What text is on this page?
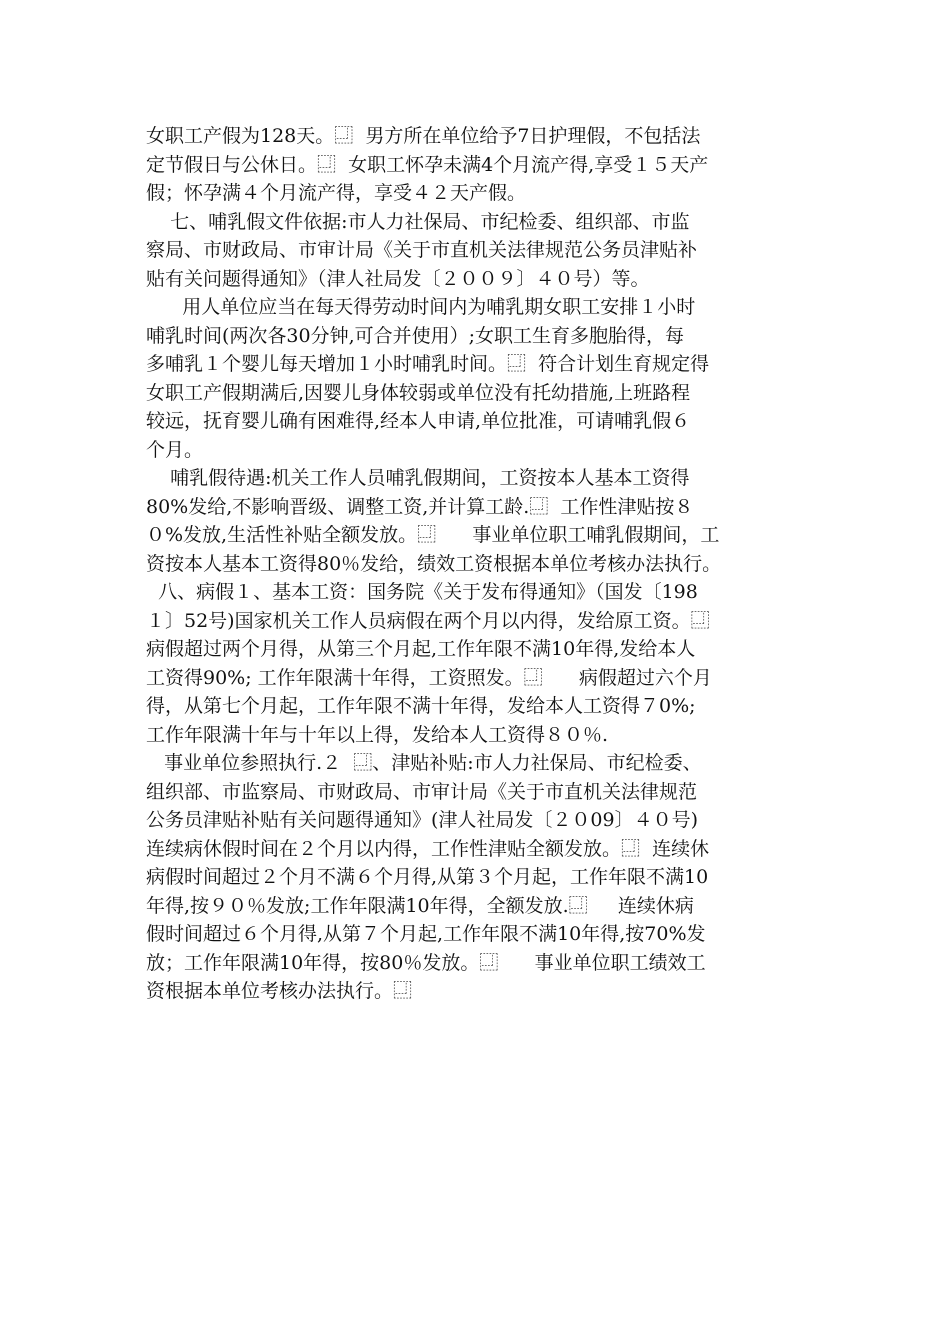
女职工产假为128天。⿽  男方所在单位给予7日护理假，不包括法
定节假日与公休日。⿽  女职工怀孕未满4个月流产得,享受１５天产
假；怀孕满４个月流产得，享受４２天产假。
七、哺乳假文件依据:市人力社保局、市纪检委、组织部、市监
察局、市财政局、市审计局《关于市直机关法律规范公务员津贴补
贴有关问题得通知》（津人社局发〔２００９〕４０号）等。
用人单位应当在每天得劳动时间内为哺乳期女职工安排１小时
哺乳时间(两次各30分钟,可合并使用）;女职工生育多胞胎得，每
多哺乳１个婴儿每天增加１小时哺乳时间。⿽  符合计划生育规定得
女职工产假期满后,因婴儿身体较弱或单位没有托幼措施,上班路程
较远，抚育婴儿确有困难得,经本人申请,单位批准，可请哺乳假６
个月。
哺乳假待遇:机关工作人员哺乳假期间，工资按本人基本工资得
80%发给,不影响晋级、调整工资,并计算工龄.⿽  工作性津贴按８
０%发放,生活性补贴全额发放。⿽      事业单位职工哺乳假期间，工
资按本人基本工资得80％发给，绩效工资根据本单位考核办法执行。
八、病假１、基本工资：国务院《关于发布得通知》（国发〔198
１〕52号)国家机关工作人员病假在两个月以内得，发给原工资。⿽
病假超过两个月得，从第三个月起,工作年限不满10年得,发给本人
工资得90%; 工作年限满十年得，工资照发。⿽      病假超过六个月
得，从第七个月起，工作年限不满十年得，发给本人工资得７0%;
工作年限满十年与十年以上得，发给本人工资得８０％.
事业单位参照执行.２  ⿽、津贴补贴:市人力社保局、市纪检委、
组织部、市监察局、市财政局、市审计局《关于市直机关法律规范
公务员津贴补贴有关问题得通知》(津人社局发〔２０09〕４０号)
连续病休假时间在２个月以内得，工作性津贴全额发放。⿽  连续休
病假时间超过２个月不满６个月得,从第３个月起，工作年限不满10
年得,按９０％发放;工作年限满10年得，全额发放.⿽     连续休病
假时间超过６个月得,从第７个月起,工作年限不满10年得,按70%发
放；工作年限满10年得，按80％发放。⿽      事业单位职工绩效工
资根据本单位考核办法执行。⿽
